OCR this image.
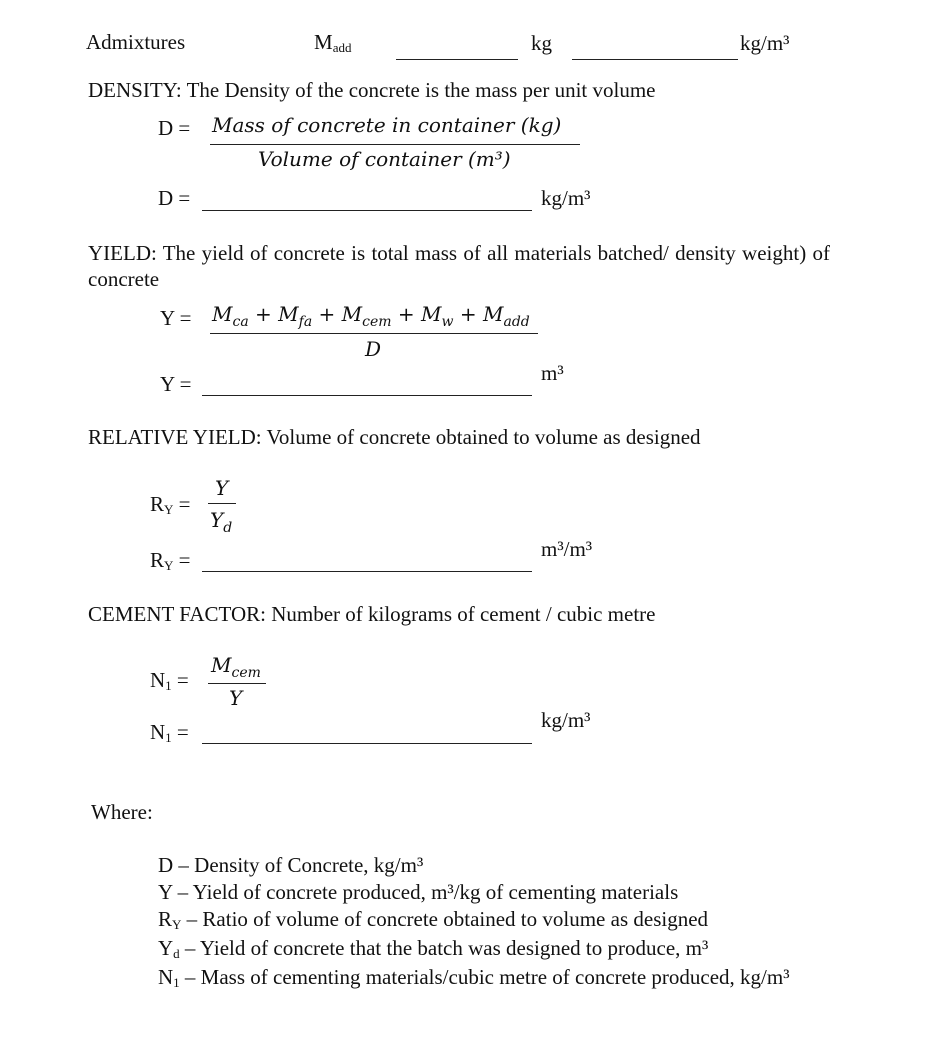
Admixtures	Madd	kg	kg/m³
DENSITY: The Density of the concrete is the mass per unit volume
D = Mass of concrete in container (kg)
Volume of container (m³)
D =	kg/m³
YIELD: The yield of concrete is total mass of all materials batched/ density weight) of concrete
$Y = M_{ca} + M_{fa} + M_{cem} + M_w + M_{add}$
D
Y =	m³
RELATIVE YIELD: Volume of concrete obtained to volume as designed
RY =
Y
$Y_d$
RY =	m³/m³
CEMENT FACTOR: Number of kilograms of cement / cubic metre
N1 =
$M_{cem}$
Y
N1 =	kg/m³
Where:
D – Density of Concrete, kg/m³
Y – Yield of concrete produced, m³/kg of cementing materials
RY – Ratio of volume of concrete obtained to volume as designed
Yd – Yield of concrete that the batch was designed to produce, m³
N1 – Mass of cementing materials/cubic metre of concrete produced, kg/m³
